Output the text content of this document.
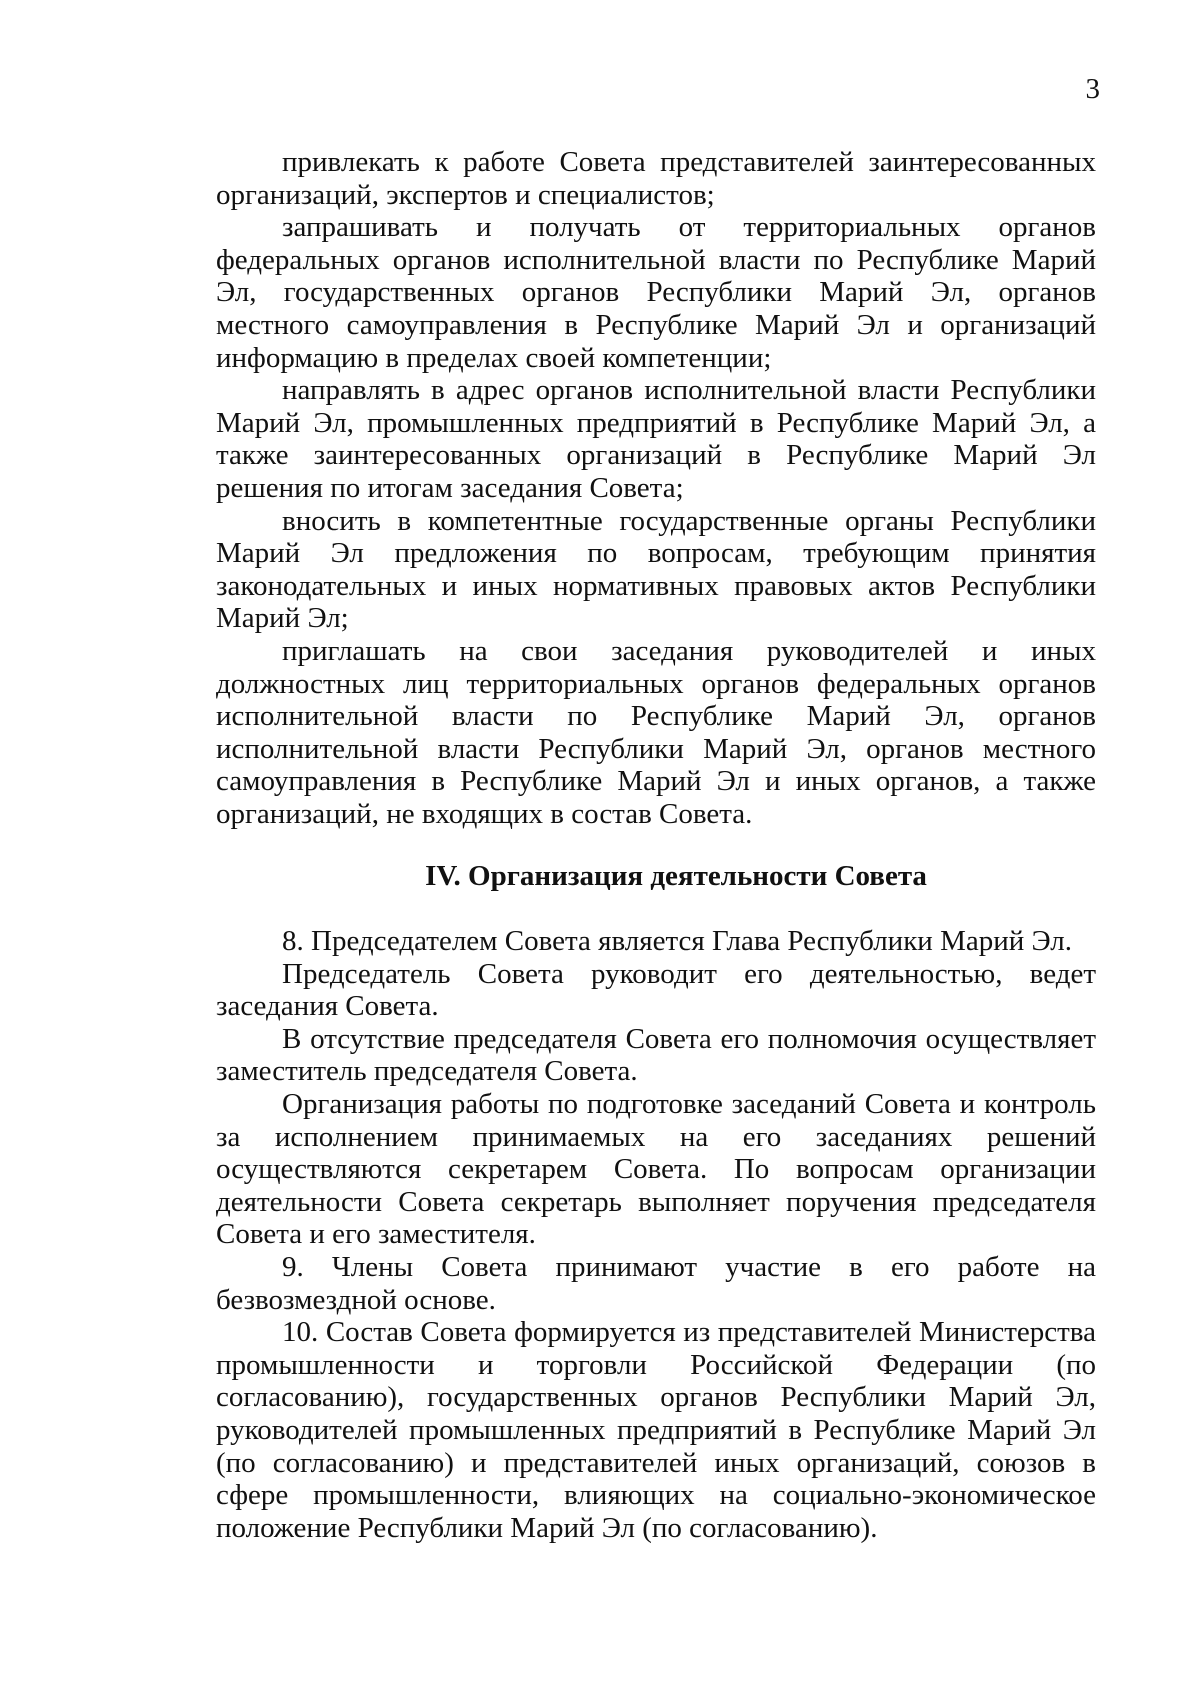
3

привлекать к работе Совета представителей заинтересованных организаций, экспертов и специалистов;

запрашивать и получать от территориальных органов федеральных органов исполнительной власти по Республике Марий Эл, государственных органов Республики Марий Эл, органов местного самоуправления в Республике Марий Эл и организаций информацию в пределах своей компетенции;

направлять в адрес органов исполнительной власти Республики Марий Эл, промышленных предприятий в Республике Марий Эл, а также заинтересованных организаций в Республике Марий Эл решения по итогам заседания Совета;

вносить в компетентные государственные органы Республики Марий Эл предложения по вопросам, требующим принятия законодательных и иных нормативных правовых актов Республики Марий Эл;

приглашать на свои заседания руководителей и иных должностных лиц территориальных органов федеральных органов исполнительной власти по Республике Марий Эл, органов исполнительной власти Республики Марий Эл, органов местного самоуправления в Республике Марий Эл и иных органов, а также организаций, не входящих в состав Совета.

IV. Организация деятельности Совета

8. Председателем Совета является Глава Республики Марий Эл.

Председатель Совета руководит его деятельностью, ведет заседания Совета.

В отсутствие председателя Совета его полномочия осуществляет заместитель председателя Совета.

Организация работы по подготовке заседаний Совета и контроль за исполнением принимаемых на его заседаниях решений осуществляются секретарем Совета. По вопросам организации деятельности Совета секретарь выполняет поручения председателя Совета и его заместителя.

9. Члены Совета принимают участие в его работе на безвозмездной основе.

10. Состав Совета формируется из представителей Министерства промышленности и торговли Российской Федерации (по согласованию), государственных органов Республики Марий Эл, руководителей промышленных предприятий в Республике Марий Эл (по согласованию) и представителей иных организаций, союзов в сфере промышленности, влияющих на социально-экономическое положение Республики Марий Эл (по согласованию).
